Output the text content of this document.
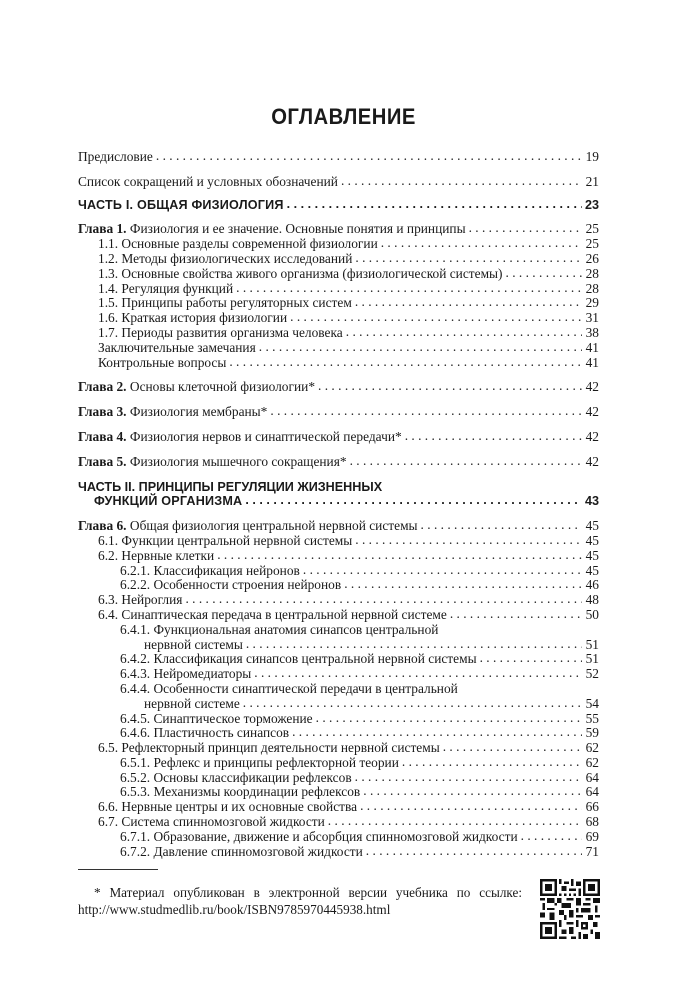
ОГЛАВЛЕНИЕ
Предисловие . . .	19
Список сокращений и условных обозначений . . .	21
ЧАСТЬ I. ОБЩАЯ ФИЗИОЛОГИЯ . . .	23
Глава 1. Физиология и ее значение. Основные понятия и принципы . . .	25
1.1. Основные разделы современной физиологии . . .	25
1.2. Методы физиологических исследований . . .	26
1.3. Основные свойства живого организма (физиологической системы) . . .	28
1.4. Регуляция функций . . .	28
1.5. Принципы работы регуляторных систем . . .	29
1.6. Краткая история физиологии . . .	31
1.7. Периоды развития организма человека . . .	38
Заключительные замечания . . .	41
Контрольные вопросы . . .	41
Глава 2. Основы клеточной физиологии* . . .	42
Глава 3. Физиология мембраны* . . .	42
Глава 4. Физиология нервов и синаптической передачи* . . .	42
Глава 5. Физиология мышечного сокращения* . . .	42
ЧАСТЬ II. ПРИНЦИПЫ РЕГУЛЯЦИИ ЖИЗНЕННЫХ
ФУНКЦИЙ ОРГАНИЗМА . . .	43
Глава 6. Общая физиология центральной нервной системы . . .	45
6.1. Функции центральной нервной системы . . .	45
6.2. Нервные клетки . . .	45
6.2.1. Классификация нейронов . . .	45
6.2.2. Особенности строения нейронов . . .	46
6.3. Нейроглия . . .	48
6.4. Синаптическая передача в центральной нервной системе . . .	50
6.4.1. Функциональная анатомия синапсов центральной
нервной системы . . .	51
6.4.2. Классификация синапсов центральной нервной системы . . .	51
6.4.3. Нейромедиаторы . . .	52
6.4.4. Особенности синаптической передачи в центральной
нервной системе . . .	54
6.4.5. Синаптическое торможение . . .	55
6.4.6. Пластичность синапсов . . .	59
6.5. Рефлекторный принцип деятельности нервной системы . . .	62
6.5.1. Рефлекс и принципы рефлекторной теории . . .	62
6.5.2. Основы классификации рефлексов . . .	64
6.5.3. Механизмы координации рефлексов . . .	64
6.6. Нервные центры и их основные свойства . . .	66
6.7. Система спинномозговой жидкости . . .	68
6.7.1. Образование, движение и абсорбция спинномозговой жидкости . . .	69
6.7.2. Давление спинномозговой жидкости . . .	71
* Материал опубликован в электронной версии учебника по ссылке:
http://www.studmedlib.ru/book/ISBN9785970445938.html
